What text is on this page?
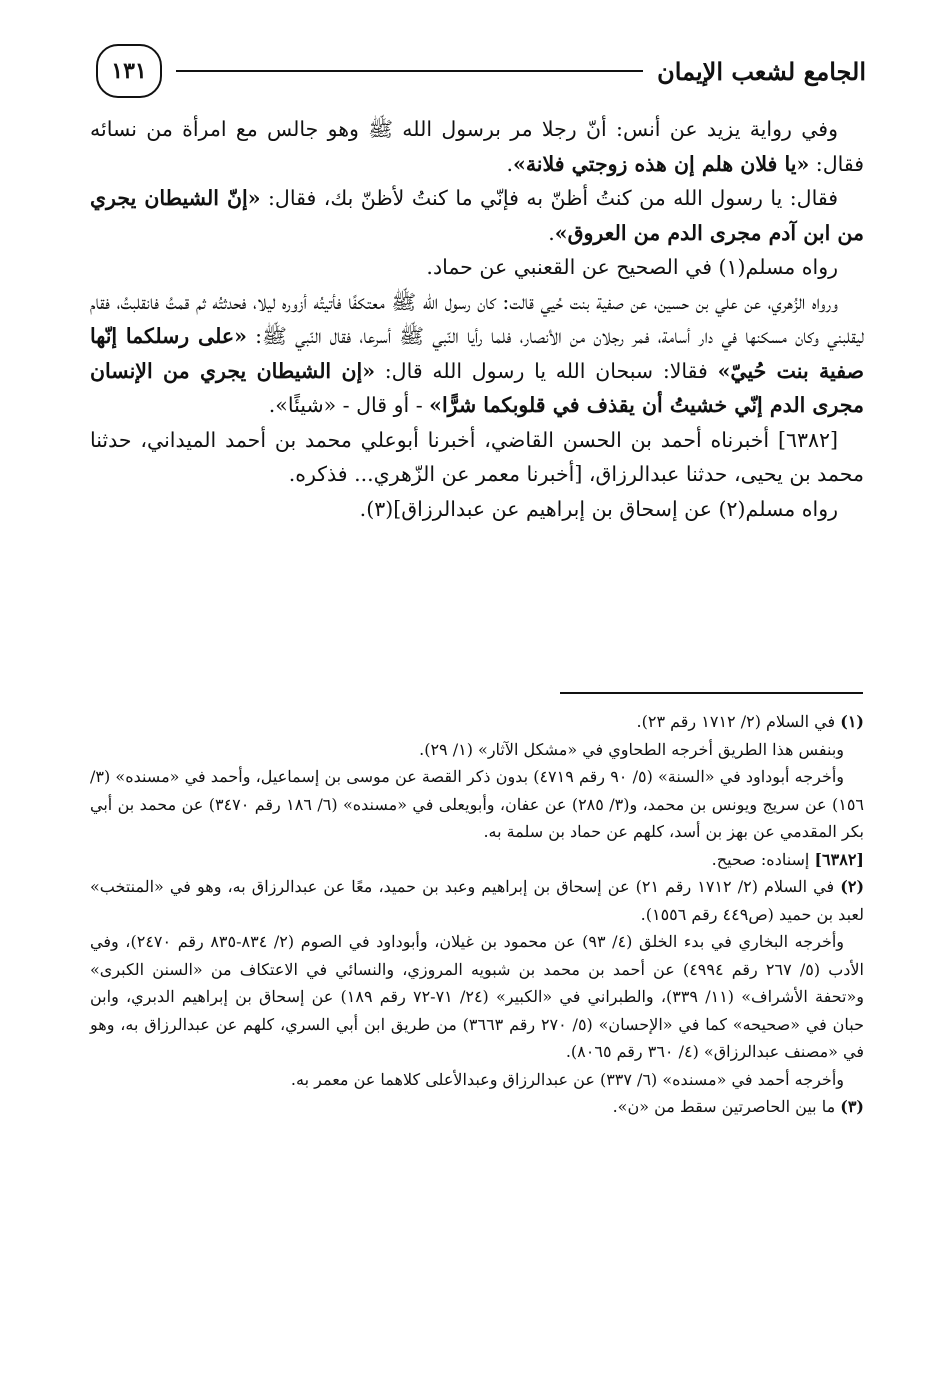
الجامع لشعب الإيمان
١٣١

وفي رواية يزيد عن أنس: أنّ رجلا مر برسول الله ﷺ وهو جالس مع امرأة من نسائه فقال: «يا فلان هلم إن هذه زوجتي فلانة».

فقال: يا رسول الله من كنتُ أظنّ به فإنّي ما كنتُ لأظنّ بك، فقال: «إنّ الشيطان يجري من ابن آدم مجرى الدم من العروق».

رواه مسلم(١) في الصحيح عن القعنبي عن حماد.

ورواه الزُهري، عن علي بن حسين، عن صفية بنت حُيي قالت: كان رسول الله ﷺ معتكفًا فأتيتُه أزوره ليلا، فحدثتُه ثم قمتُ فانقلبتُ، فقام ليقلبني وكان مسكنها في دار أسامة، فمر رجلان من الأنصار، فلما رأيا النّبي ﷺ أسرعا، فقال النّبي ﷺ: «على رسلكما إنّها صفية بنت حُييّ» فقالا: سبحان الله يا رسول الله قال: «إن الشيطان يجري من الإنسان مجرى الدم إنّي خشيتُ أن يقذف في قلوبكما شرًّا» - أو قال - «شيئًا».

[٦٣٨٢] أخبرناه أحمد بن الحسن القاضي، أخبرنا أبوعلي محمد بن أحمد الميداني، حدثنا محمد بن يحيى، حدثنا عبدالرزاق، [أخبرنا معمر عن الزّهري... فذكره.

رواه مسلم(٢) عن إسحاق بن إبراهيم عن عبدالرزاق](٣).

(١) في السلام (٢/ ١٧١٢ رقم ٢٣).

وبنفس هذا الطريق أخرجه الطحاوي في «مشكل الآثار» (١/ ٢٩).

وأخرجه أبوداود في «السنة» (٥/ ٩٠ رقم ٤٧١٩) بدون ذكر القصة عن موسى بن إسماعيل، وأحمد في «مسنده» (٣/ ١٥٦) عن سريج ويونس بن محمد، و(٣/ ٢٨٥) عن عفان، وأبويعلى في «مسنده» (٦/ ١٨٦ رقم ٣٤٧٠) عن محمد بن أبي بكر المقدمي عن بهز بن أسد، كلهم عن حماد بن سلمة به.

[٦٣٨٢] إسناده: صحيح.

(٢) في السلام (٢/ ١٧١٢ رقم ٢١) عن إسحاق بن إبراهيم وعبد بن حميد، معًا عن عبدالرزاق به، وهو في «المنتخب» لعبد بن حميد (ص٤٤٩ رقم ١٥٥٦).

وأخرجه البخاري في بدء الخلق (٤/ ٩٣) عن محمود بن غيلان، وأبوداود في الصوم (٢/ ٨٣٤-٨٣٥ رقم ٢٤٧٠)، وفي الأدب (٥/ ٢٦٧ رقم ٤٩٩٤) عن أحمد بن محمد بن شبويه المروزي، والنسائي في الاعتكاف من «السنن الكبرى» و«تحفة الأشراف» (١١/ ٣٣٩)، والطبراني في «الكبير» (٢٤/ ٧١-٧٢ رقم ١٨٩) عن إسحاق بن إبراهيم الدبري، وابن حبان في «صحيحه» كما في «الإحسان» (٥/ ٢٧٠ رقم ٣٦٦٣) من طريق ابن أبي السري، كلهم عن عبدالرزاق به، وهو في «مصنف عبدالرزاق» (٤/ ٣٦٠ رقم ٨٠٦٥).

وأخرجه أحمد في «مسنده» (٦/ ٣٣٧) عن عبدالرزاق وعبدالأعلى كلاهما عن معمر به.

(٣) ما بين الحاصرتين سقط من «ن».
